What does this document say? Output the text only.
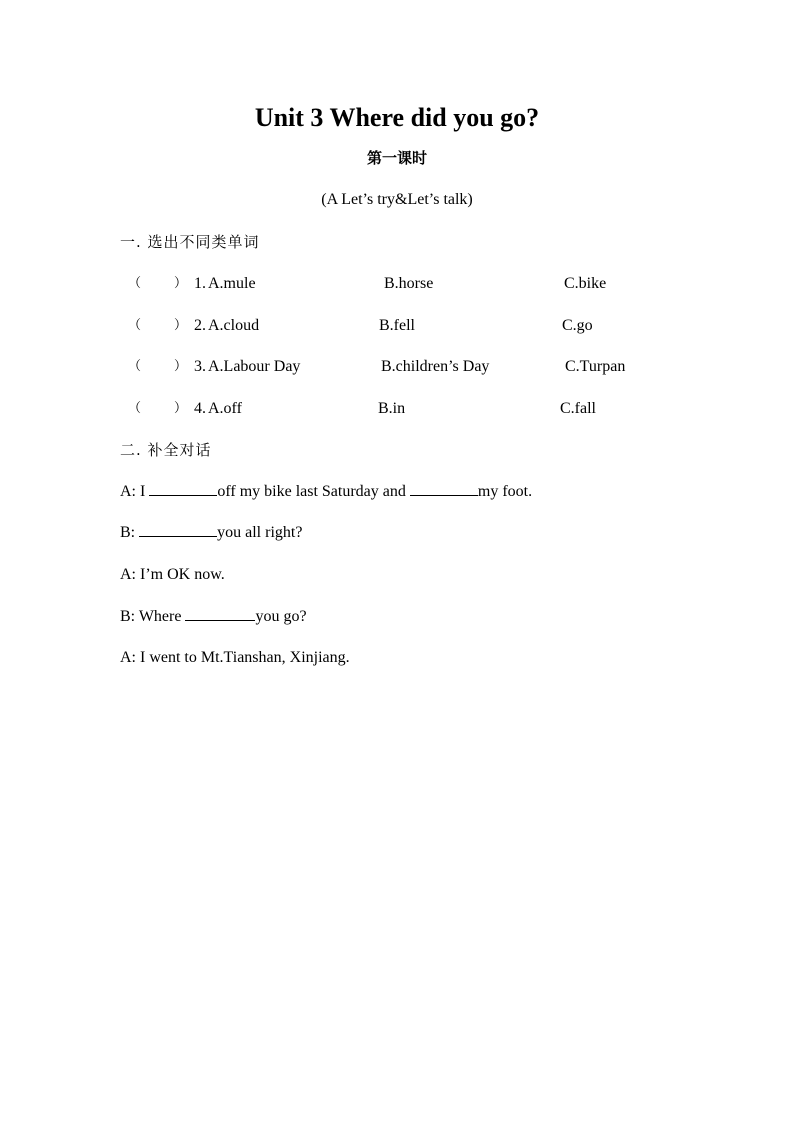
Unit 3 Where did you go?
第一课时
(A Let’s try&Let’s talk)
一. 选出不同类单词
（	） 1. A.mule	B.horse	C.bike
（	） 2. A.cloud	B.fell	C.go
（	） 3. A.Labour Day	B.children’s Day	C.Turpan
（	） 4. A.off	B.in	C.fall
二. 补全对话
A: I	off my bike last Saturday and	my foot.
B:	you all right?
A: I’m OK now.
B: Where	you go?
A: I went to Mt.Tianshan, Xinjiang.
